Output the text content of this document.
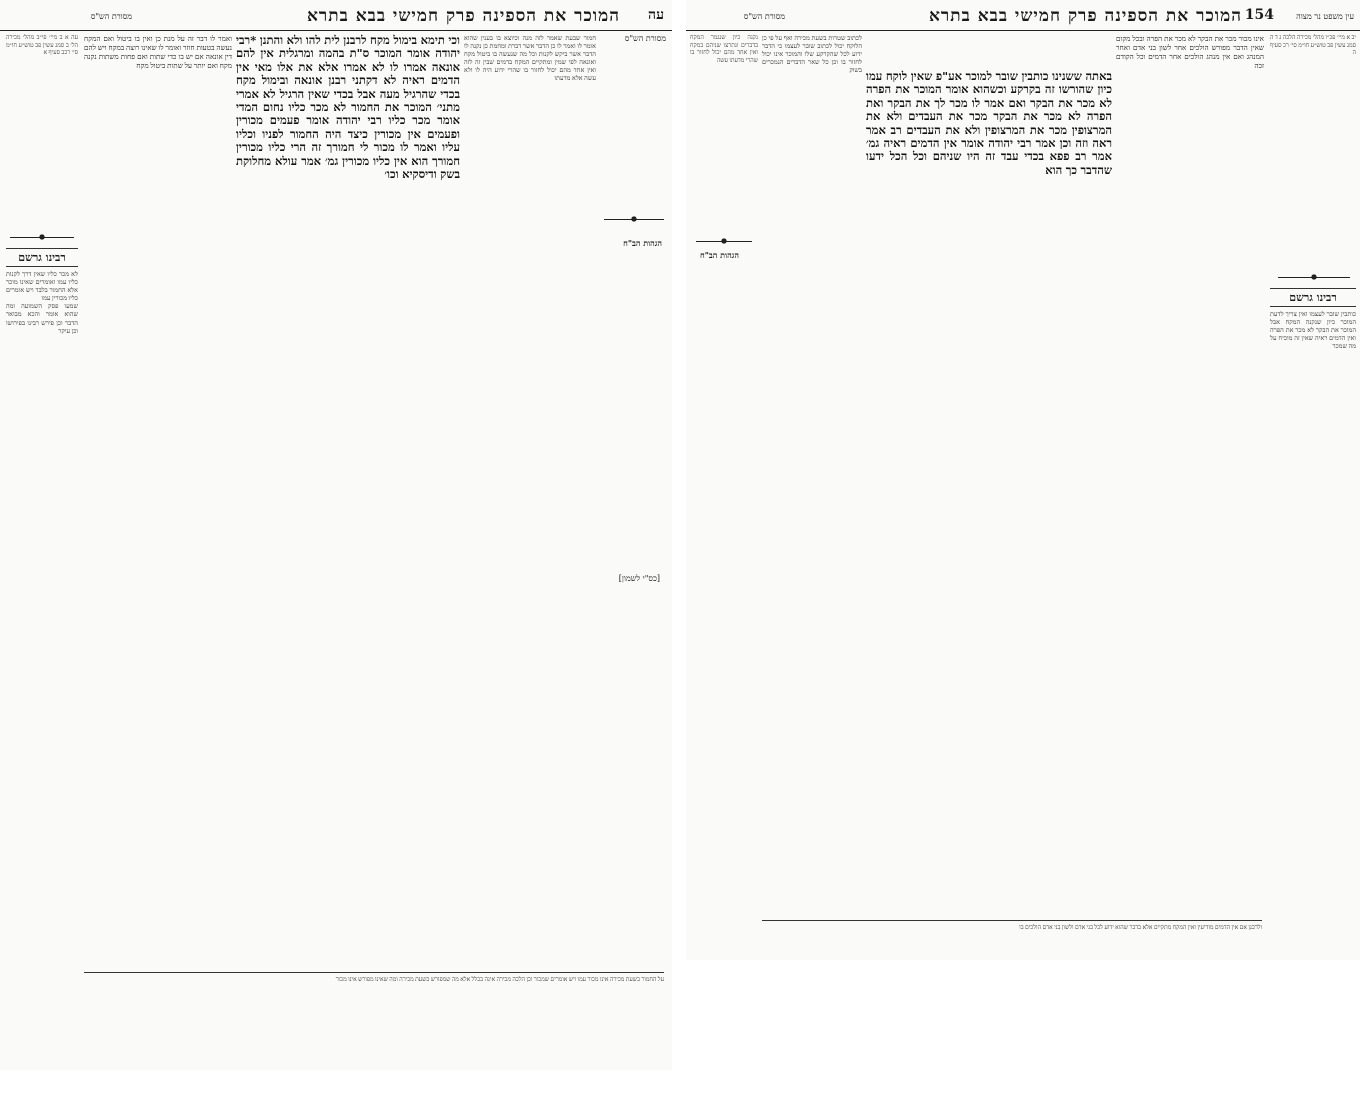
מסורת הש"ס	המוכר את הספינה פרק חמישי בבא בתרא עה
עה א ב מיי׳ פי״ב מהל׳ מכירה הל׳ ב סמג עשין פב טוש״ע חו״מ סי׳ רכב סעיף א
רבינו גרשם
לא מכר כליו שאין דרך לקנות כליו עמו ואומרים שאינו מוכר אלא החמור בלבד ויש אומרים כליו מכורין עמו
שמעו פסק השמועה ומה שהוא אומר והכא מבואר הדבר וכן פירש רבינו בפירושו וכן עיקר
ואמר לו דבר זה על מנת כן ואין בו ביטול ואם המקח נעשה בטעות חוזר ואומר לו שאינו רוצה במקח ויש להם דין אונאה אם יש בו כדי שתות ואם פחות משתות נקנה מקח ואם יותר על שתות ביטול מקח
וכי תימא בימול מקח לרבנן לית להו ולא והתנן *רבי יהודה אומר המוכר ס"ת בהמה ומרגלית אין להם אונאה אמרו לו לא אמרו אלא את אלו מאי אין הדמים ראיה לא דקתני רבנן אונאה ובימול מקח בכדי שהרגיל מעה אבל בכדי שאין הרגיל לא אמרי מתני׳ המוכר את החמור לא מכר כליו נחום המדי אומר מכר כליו רבי יהודה אומר פעמים מכורין ופעמים אין מכורין כיצד היה החמור לפניו וכליו עליו ואמר לו מכור לי חמורך זה הרי כליו מכורין חמורך הוא אין כליו מכורין גמ׳ אמר עולא מחלוקת בשק ודיסקיא וכו׳
חמור שבעת שאמר לזה מנה וכיוצא בו בענין שהוא אומר לו ואמר לו כן הדבר אשר דברת ומחמת כן נקנה לו הדבר אשר ביקש לקנות וכל מה שנעשה בו ביטול מקח ואונאה לפי שמין ומתקיים המקח בדמים שבין זה לזה ואין אחד מהם יכול לחזור בו שהרי ידוע היה לו ולא עשה אלא מדעתו
מסורת הש"ס
הגהות הב"ח
[כס"י לשמון]
על החמור בשעת מכירה אינו מכור עמו ויש אומרים שמכור וכן הלכה מכירה אינה בכלל אלא מה שמפורש בשעת מכירה ומה שאינו מפורש אינו מכור
מסורת הש"ס	המוכר את הספינה פרק חמישי בבא בתרא 154	עין משפט נר מצוה
נקנה כיון שנגמר המקח בדברים ונתרצו שניהם במקח ואין אחד מהם יכול לחזור בו שהרי מדעתו עשה
הגהות הב"ח
לכתוב שטרות בשעת מכירה ואף על פי כן הלוקח יכול לכתוב שובר לעצמו כי הדבר ידוע לכל שהקרקע שלו והמוכר אינו יכול לחזור בו וכן כל שאר הדברים הנמכרים בשוק באתה ששנינו כותבין שובר למוכר אע"פ שאין לוקח עמו כיון שהורשו זה בקרקע וכשהוא אומר המוכר את הפרה לא מכר את הבקר ואם אמר לו מכר לך את הבקר ואת הפרה לא מכר את הבקר מכר את העבדים ולא את המרצופין מכר את המרצופין ולא את העבדים רב אמר ראה וזה וכן אמר רבי יהודה אומר אין הדמים ראיה גמ׳ אמר רב פפא בכדי עבד זה היו שניהם וכל הכל ידעו שהדבר כך הוא
אינו מכור מכר את הבקר לא מכר את הפרה ובכל מקום שאין הדבר מפורש הולכים אחר לשון בני אדם ואחר המנהג ואם אין מנהג הולכים אחר הדמים וכל הקודם זכה
יב א מיי׳ פכ״ו מהל׳ מכירה הלכה ג ד ה סמג עשין פב טוש״ע חו״מ סי׳ רכ סעיף ה
רבינו גרשם
כותבין שובר לעצמו ואין צריך לדעת המוכר כיון שנקנה המקח אבל המוכר את הבקר לא מכר את הפרה ואין הדמים ראיה שאין זה מוכיח על מה שמכר
ולרבנן אם אין הדמים מודיעין ואין המקח מתקיים אלא בדבר שהוא ידוע לכל בני אדם ולשון בני אדם הולכים בו
